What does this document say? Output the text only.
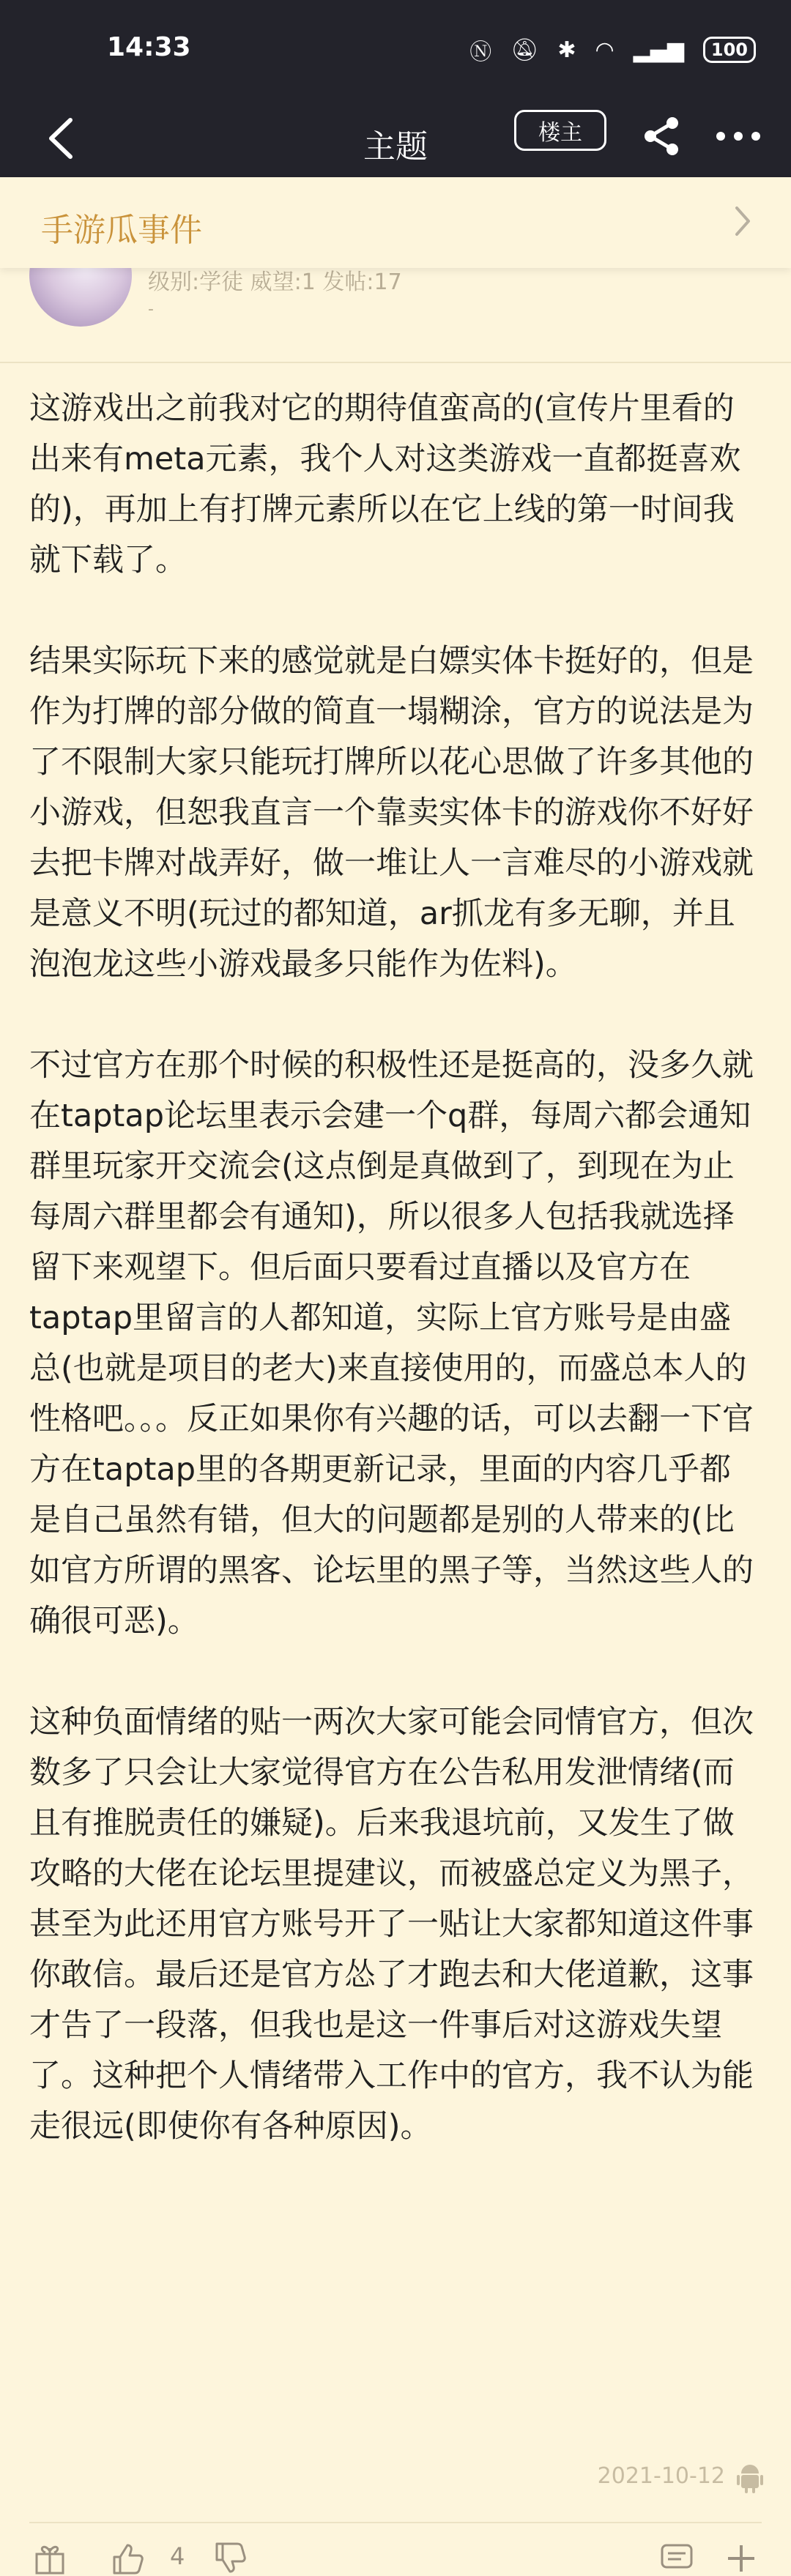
14:33	Ⓝ 🔕︎ ✱ ◠ ▂▄▆	100
主题	楼主
手游瓜事件
级别:学徒 威望:1 发帖:17
-

这游戏出之前我对它的期待值蛮高的(宣传片里看的出来有meta元素，我个人对这类游戏一直都挺喜欢的)，再加上有打牌元素所以在它上线的第一时间我就下载了。

结果实际玩下来的感觉就是白嫖实体卡挺好的，但是作为打牌的部分做的简直一塌糊涂，官方的说法是为了不限制大家只能玩打牌所以花心思做了许多其他的小游戏，但恕我直言一个靠卖实体卡的游戏你不好好去把卡牌对战弄好，做一堆让人一言难尽的小游戏就是意义不明(玩过的都知道，ar抓龙有多无聊，并且泡泡龙这些小游戏最多只能作为佐料)。

不过官方在那个时候的积极性还是挺高的，没多久就在taptap论坛里表示会建一个q群，每周六都会通知群里玩家开交流会(这点倒是真做到了，到现在为止每周六群里都会有通知)，所以很多人包括我就选择留下来观望下。但后面只要看过直播以及官方在taptap里留言的人都知道，实际上官方账号是由盛总(也就是项目的老大)来直接使用的，而盛总本人的性格吧。。。反正如果你有兴趣的话，可以去翻一下官方在taptap里的各期更新记录，里面的内容几乎都是自己虽然有错，但大的问题都是别的人带来的(比如官方所谓的黑客、论坛里的黑子等，当然这些人的确很可恶)。

这种负面情绪的贴一两次大家可能会同情官方，但次数多了只会让大家觉得官方在公告私用发泄情绪(而且有推脱责任的嫌疑)。后来我退坑前，又发生了做攻略的大佬在论坛里提建议，而被盛总定义为黑子，甚至为此还用官方账号开了一贴让大家都知道这件事你敢信。最后还是官方怂了才跑去和大佬道歉，这事才告了一段落，但我也是这一件事后对这游戏失望了。这种把个人情绪带入工作中的官方，我不认为能走很远(即使你有各种原因)。

2021-10-12
4
